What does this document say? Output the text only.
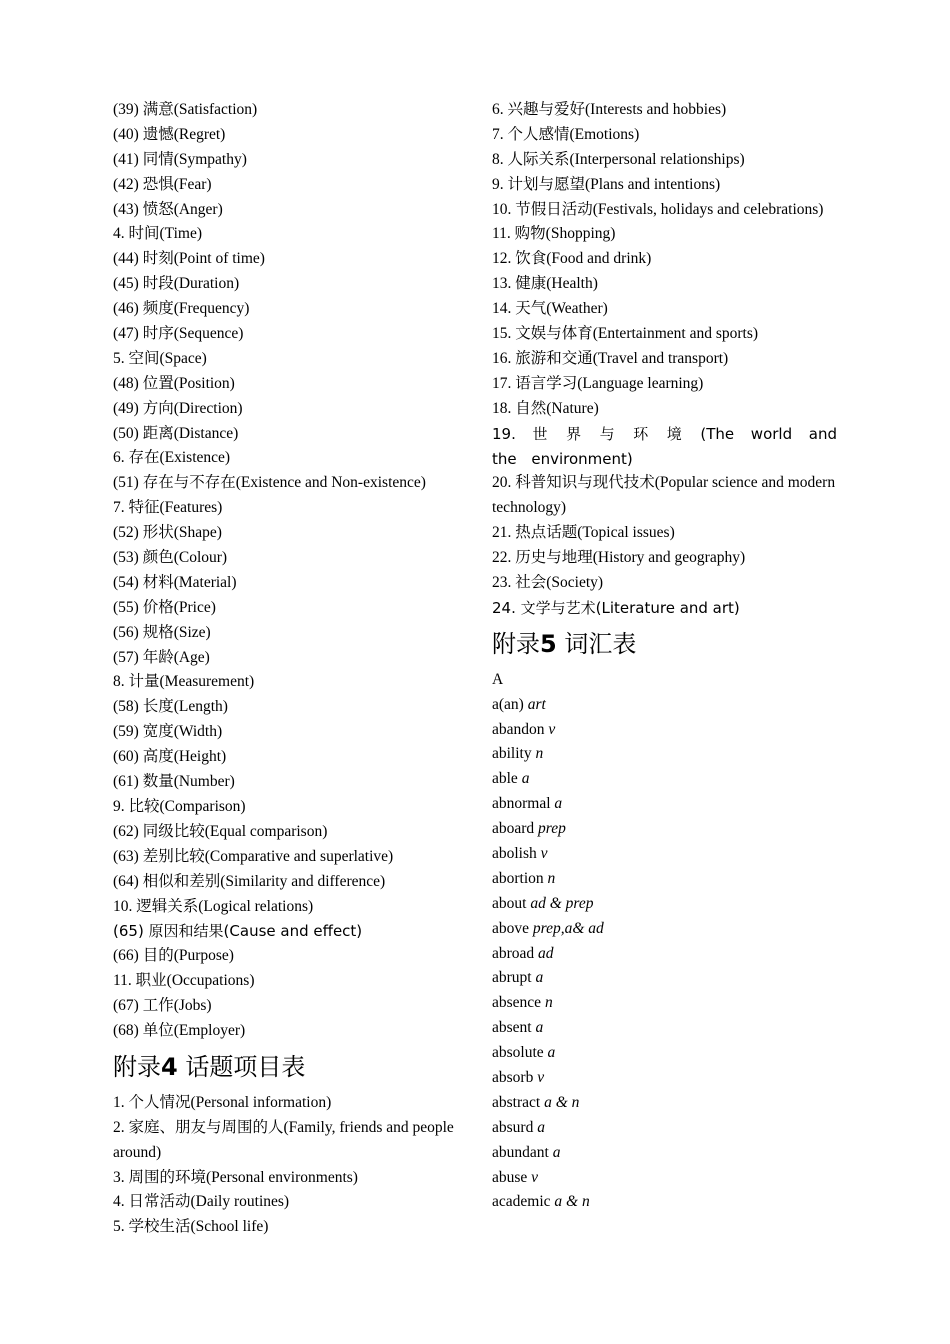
(39) 满意(Satisfaction)
(40) 遗憾(Regret)
(41) 同情(Sympathy)
(42) 恐惧(Fear)
(43) 愤怒(Anger)
4. 时间(Time)
(44) 时刻(Point of time)
(45) 时段(Duration)
(46) 频度(Frequency)
(47) 时序(Sequence)
5. 空间(Space)
(48) 位置(Position)
(49) 方向(Direction)
(50) 距离(Distance)
6. 存在(Existence)
(51) 存在与不存在(Existence and Non-existence)
7. 特征(Features)
(52) 形状(Shape)
(53) 颜色(Colour)
(54) 材料(Material)
(55) 价格(Price)
(56) 规格(Size)
(57) 年龄(Age)
8. 计量(Measurement)
(58) 长度(Length)
(59) 宽度(Width)
(60) 高度(Height)
(61) 数量(Number)
9. 比较(Comparison)
(62) 同级比较(Equal comparison)
(63) 差别比较(Comparative and superlative)
(64) 相似和差别(Similarity and difference)
10. 逻辑关系(Logical relations)
(65) 原因和结果(Cause and effect)
(66) 目的(Purpose)
11. 职业(Occupations)
(67) 工作(Jobs)
(68) 单位(Employer)
附录4 话题项目表
1. 个人情况(Personal information)
2. 家庭、朋友与周围的人(Family, friends and people around)
3. 周围的环境(Personal environments)
4. 日常活动(Daily routines)
5. 学校生活(School life)
6. 兴趣与爱好(Interests and hobbies)
7. 个人感情(Emotions)
8. 人际关系(Interpersonal relationships)
9. 计划与愿望(Plans and intentions)
10. 节假日活动(Festivals, holidays and celebrations)
11. 购物(Shopping)
12. 饮食(Food and drink)
13. 健康(Health)
14. 天气(Weather)
15. 文娱与体育(Entertainment and sports)
16. 旅游和交通(Travel and transport)
17. 语言学习(Language learning)
18. 自然(Nature)
19. 世 界 与 环 境 (The world and the environment)
20. 科普知识与现代技术(Popular science and modern technology)
21. 热点话题(Topical issues)
22. 历史与地理(History and geography)
23. 社会(Society)
24. 文学与艺术(Literature and art)
附录5 词汇表
A
a(an) art
abandon v
ability n
able a
abnormal a
aboard prep
abolish v
abortion n
about ad & prep
above prep,a& ad
abroad ad
abrupt a
absence n
absent a
absolute a
absorb v
abstract a & n
absurd a
abundant a
abuse v
academic a & n
